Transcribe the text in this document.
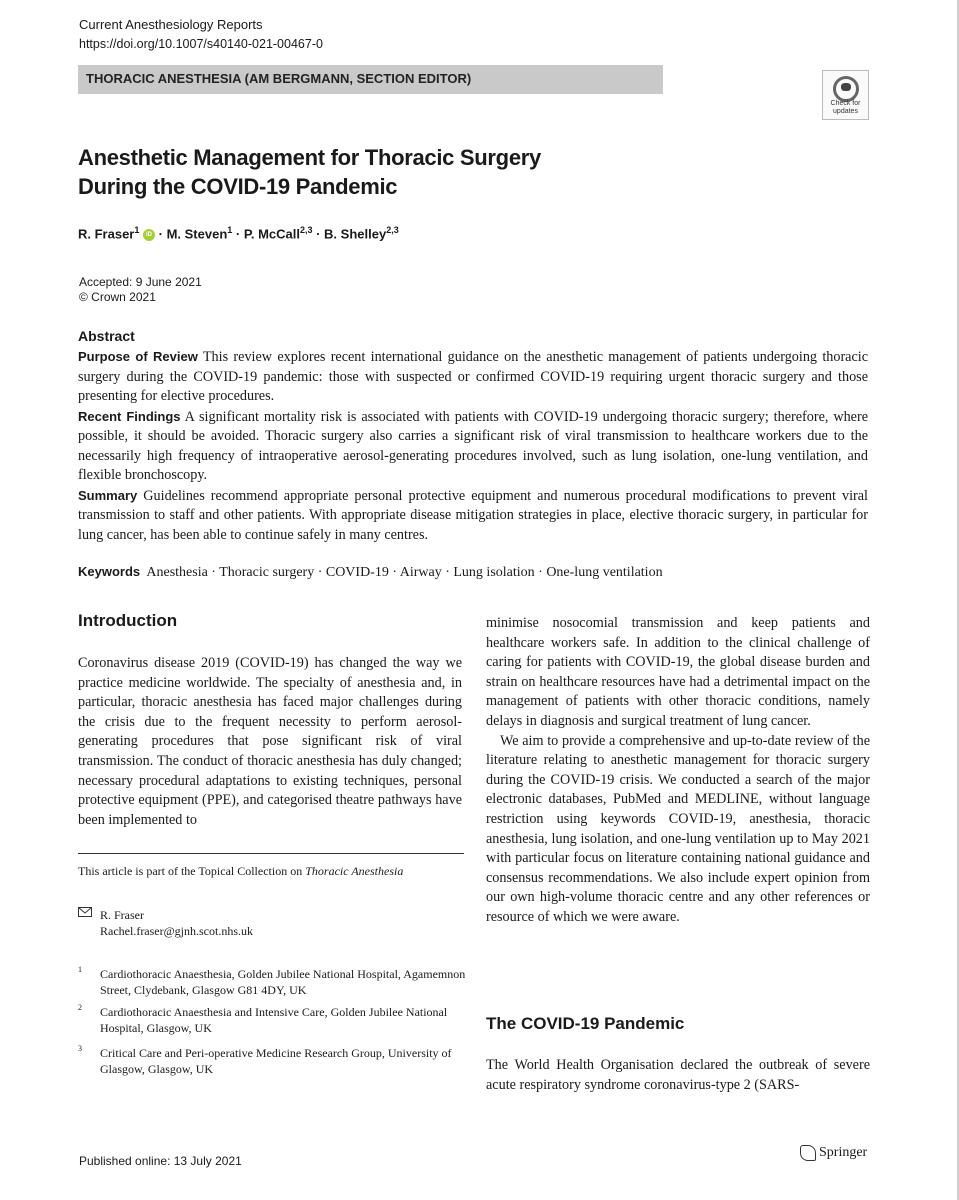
Current Anesthesiology Reports
https://doi.org/10.1007/s40140-021-00467-0
THORACIC ANESTHESIA (AM BERGMANN, SECTION EDITOR)
Check for updates
Anesthetic Management for Thoracic Surgery
During the COVID-19 Pandemic
R. Fraser$^1$ iD · M. Steven$^1$ · P. McCall$^{2,3}$ · B. Shelley$^{2,3}$
Accepted: 9 June 2021
© Crown 2021
Abstract

Purpose of Review This review explores recent international guidance on the anesthetic management of patients undergoing thoracic surgery during the COVID-19 pandemic: those with suspected or confirmed COVID-19 requiring urgent thoracic surgery and those presenting for elective procedures.

Recent Findings A significant mortality risk is associated with patients with COVID-19 undergoing thoracic surgery; therefore, where possible, it should be avoided. Thoracic surgery also carries a significant risk of viral transmission to healthcare workers due to the necessarily high frequency of intraoperative aerosol-generating procedures involved, such as lung isolation, one-lung ventilation, and flexible bronchoscopy.

Summary Guidelines recommend appropriate personal protective equipment and numerous procedural modifications to prevent viral transmission to staff and other patients. With appropriate disease mitigation strategies in place, elective thoracic surgery, in particular for lung cancer, has been able to continue safely in many centres.

Keywords Anesthesia · Thoracic surgery · COVID-19 · Airway · Lung isolation · One-lung ventilation
Introduction

Coronavirus disease 2019 (COVID-19) has changed the way we practice medicine worldwide. The specialty of anesthesia and, in particular, thoracic anesthesia has faced major challenges during the crisis due to the frequent necessity to perform aerosol-generating procedures that pose significant risk of viral transmission. The conduct of thoracic anesthesia has duly changed; necessary procedural adaptations to existing techniques, personal protective equipment (PPE), and categorised theatre pathways have been implemented to

minimise nosocomial transmission and keep patients and healthcare workers safe. In addition to the clinical challenge of caring for patients with COVID-19, the global disease burden and strain on healthcare resources have had a detrimental impact on the management of patients with other thoracic conditions, namely delays in diagnosis and surgical treatment of lung cancer.

We aim to provide a comprehensive and up-to-date review of the literature relating to anesthetic management for thoracic surgery during the COVID-19 crisis. We conducted a search of the major electronic databases, PubMed and MEDLINE, without language restriction using keywords COVID-19, anesthesia, thoracic anesthesia, lung isolation, and one-lung ventilation up to May 2021 with particular focus on literature containing national guidance and consensus recommendations. We also include expert opinion from our own high-volume thoracic centre and any other references or resource of which we were aware.

The COVID-19 Pandemic

The World Health Organisation declared the outbreak of severe acute respiratory syndrome coronavirus-type 2 (SARS-

This article is part of the Topical Collection on Thoracic Anesthesia
R. Fraser
Rachel.fraser@gjnh.scot.nhs.uk
1 Cardiothoracic Anaesthesia, Golden Jubilee National Hospital, Agamemnon Street, Clydebank, Glasgow G81 4DY, UK
2 Cardiothoracic Anaesthesia and Intensive Care, Golden Jubilee National Hospital, Glasgow, UK
3 Critical Care and Peri-operative Medicine Research Group, University of Glasgow, Glasgow, UK
Published online: 13 July 2021
Springer
